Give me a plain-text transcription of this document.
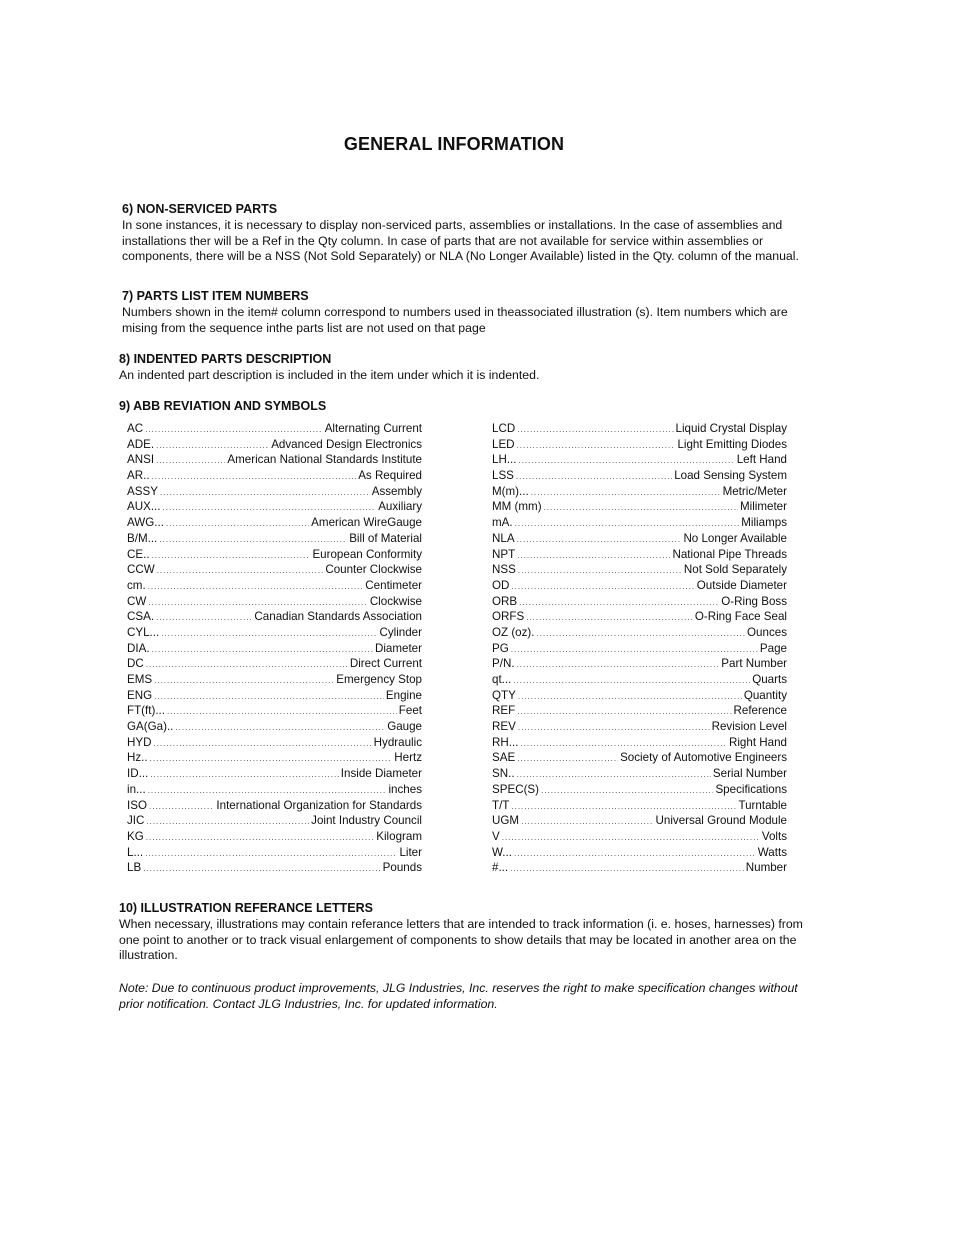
GENERAL INFORMATION

6) NON-SERVICED PARTS

In sone instances, it is necessary to display non-serviced parts, assemblies or installations. In the case of assemblies and installations ther will be a Ref in the Qty column. In case of parts that are not available for service within assemblies or components, there will be a NSS (Not Sold Separately) or NLA (No Longer Available) listed in the Qty. column of the manual.

7) PARTS LIST ITEM NUMBERS

Numbers shown in the item# column correspond to numbers used in theassociated illustration (s). Item numbers which are mising from the sequence inthe parts list are not used on that page

8) INDENTED PARTS DESCRIPTION

An indented part description is included in the item under which it is indented.

9) ABB REVIATION AND SYMBOLS

AC .....	Alternating Current
ADE. .....	Advanced Design Electronics
ANSI .....	American National Standards Institute
AR.. .....	As Required
ASSY .....	Assembly
AUX... .....	Auxiliary
AWG... .....	American WireGauge
B/M... .....	Bill of Material
CE.. .....	European Conformity
CCW .....	Counter Clockwise
cm. .....	Centimeter
CW .....	Clockwise
CSA. .....	Canadian Standards Association
CYL... .....	Cylinder
DIA. .....	Diameter
DC .....	Direct Current
EMS .....	Emergency Stop
ENG .....	Engine
FT(ft)... .....	Feet
GA(Ga).. .....	Gauge
HYD .....	Hydraulic
Hz.. .....	Hertz
ID... .....	Inside Diameter
in... .....	inches
ISO .....	International Organization for Standards
JIC .....	Joint Industry Council
KG .....	Kilogram
L... .....	Liter
LB .....	Pounds
LCD .....	Liquid Crystal Display
LED .....	Light Emitting Diodes
LH... .....	Left Hand
LSS .....	Load Sensing System
M(m)... .....	Metric/Meter
MM (mm) .....	Milimeter
mA. .....	Miliamps
NLA .....	No Longer Available
NPT .....	National Pipe Threads
NSS .....	Not Sold Separately
OD .....	Outside Diameter
ORB .....	O-Ring Boss
ORFS .....	O-Ring Face Seal
OZ (oz). .....	Ounces
PG .....	Page
P/N. .....	Part Number
qt... .....	Quarts
QTY .....	Quantity
REF .....	Reference
REV .....	Revision Level
RH... .....	Right Hand
SAE .....	Society of Automotive Engineers
SN.. .....	Serial Number
SPEC(S) .....	Specifications
T/T .....	Turntable
UGM .....	Universal Ground Module
V .....	Volts
W... .....	Watts
#... .....	Number

10) ILLUSTRATION REFERANCE LETTERS

When necessary, illustrations may contain referance letters that are intended to track information (i. e. hoses, harnesses) from one point to another or to track visual enlargement of components to show details that may be located in another area on the illustration.

Note: Due to continuous product improvements, JLG Industries, Inc. reserves the right to make specification changes without prior notification. Contact JLG Industries, Inc. for updated information.
